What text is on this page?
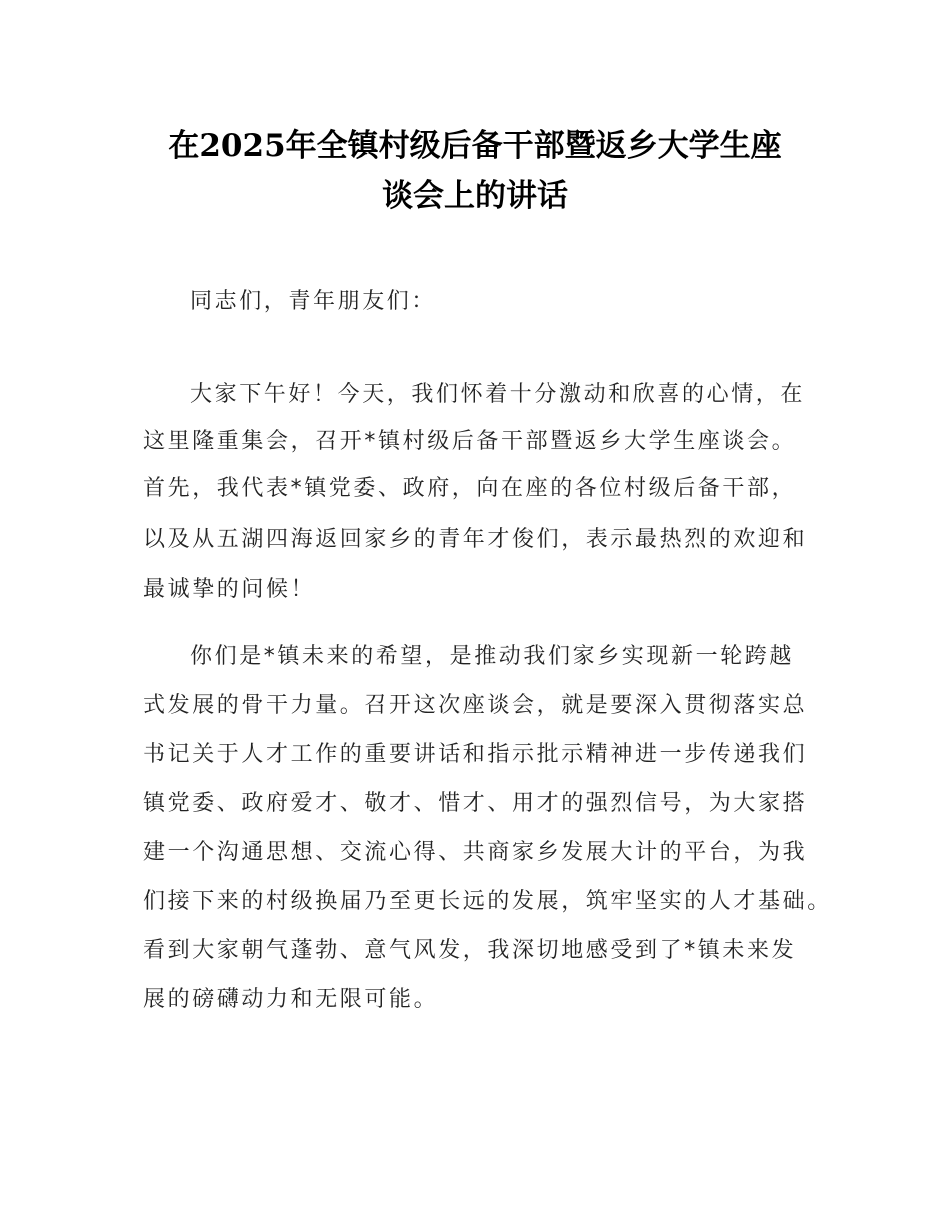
在2025年全镇村级后备干部暨返乡大学生座
谈会上的讲话
同志们，青年朋友们：
大家下午好！今天，我们怀着十分激动和欣喜的心情，在
这里隆重集会，召开*镇村级后备干部暨返乡大学生座谈会。
首先，我代表*镇党委、政府，向在座的各位村级后备干部，
以及从五湖四海返回家乡的青年才俊们，表示最热烈的欢迎和
最诚挚的问候！
你们是*镇未来的希望，是推动我们家乡实现新一轮跨越
式发展的骨干力量。召开这次座谈会，就是要深入贯彻落实总
书记关于人才工作的重要讲话和指示批示精神进一步传递我们
镇党委、政府爱才、敬才、惜才、用才的强烈信号，为大家搭
建一个沟通思想、交流心得、共商家乡发展大计的平台，为我
们接下来的村级换届乃至更长远的发展，筑牢坚实的人才基础。
看到大家朝气蓬勃、意气风发，我深切地感受到了*镇未来发
展的磅礴动力和无限可能。
